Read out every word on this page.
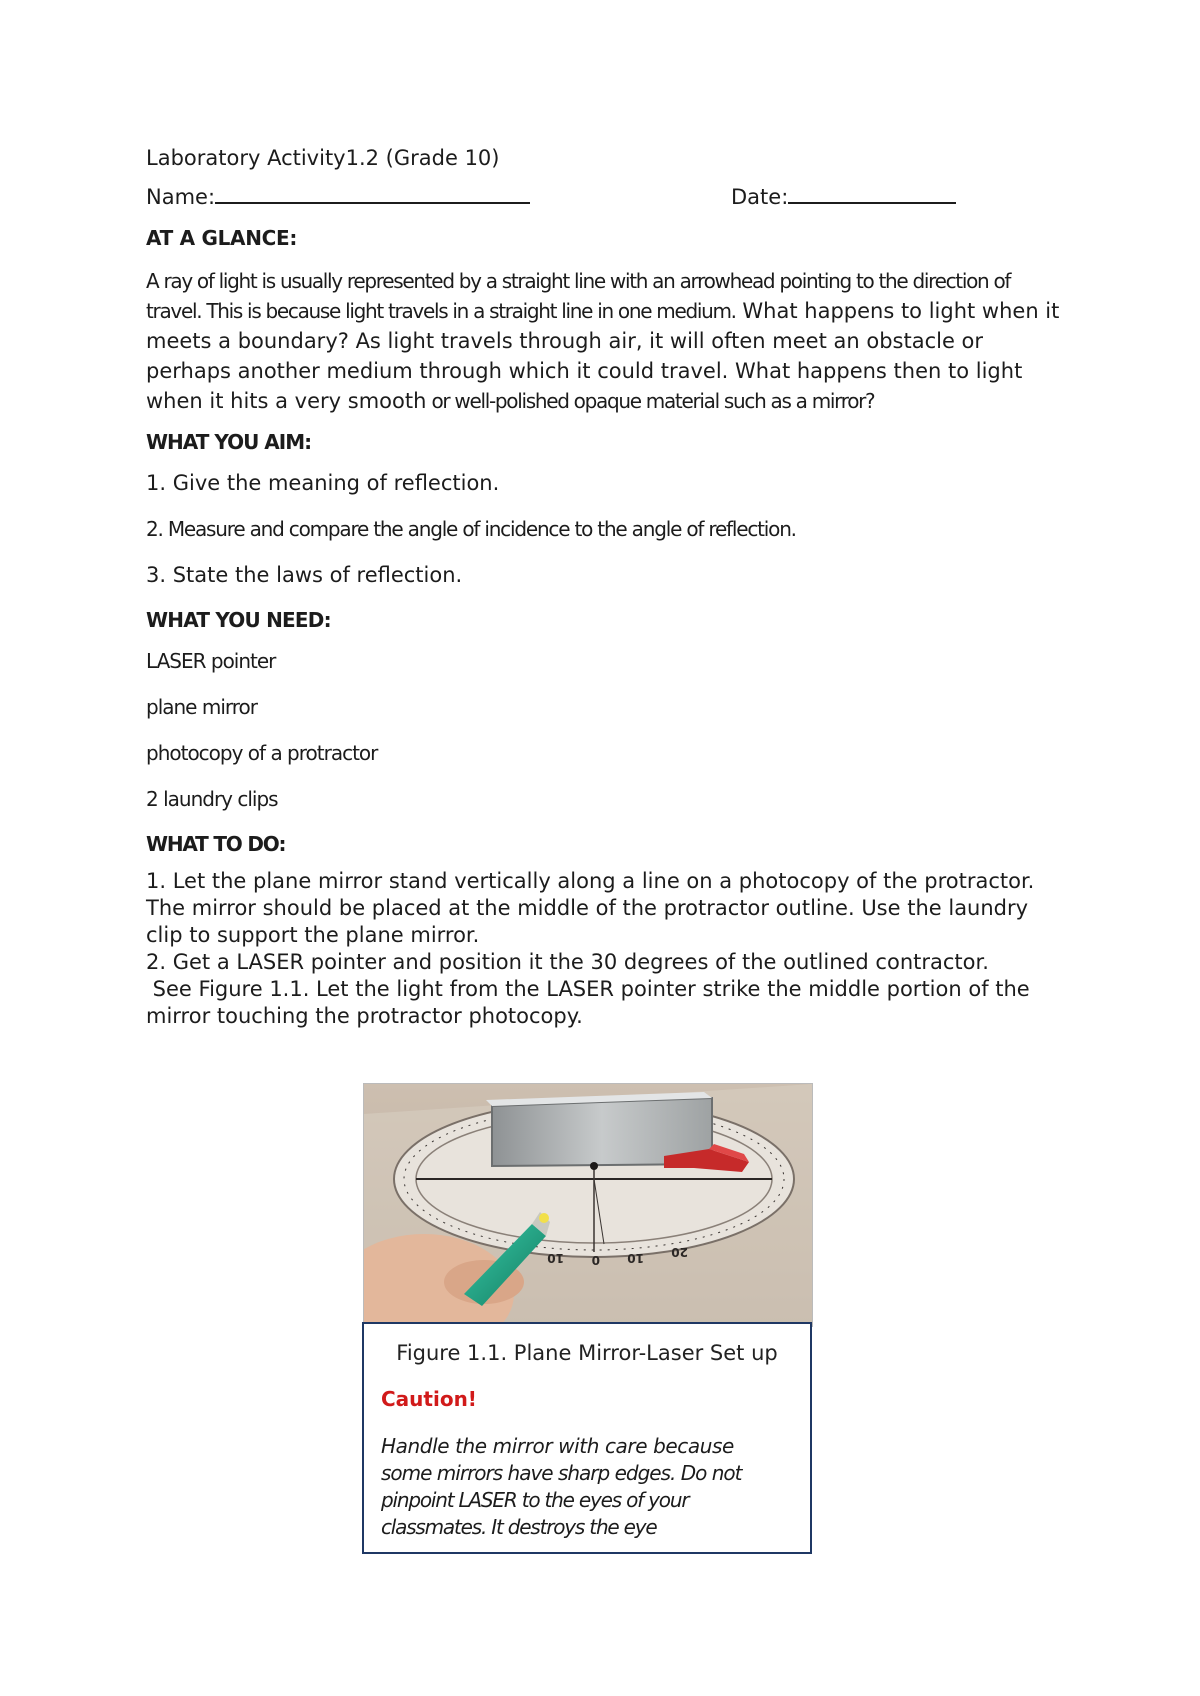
Laboratory Activity1.2 (Grade 10)

Name:	Date:

AT A GLANCE:

A ray of light is usually represented by a straight line with an arrowhead pointing to the direction of
travel. This is because light travels in a straight line in one medium. What happens to light when it
meets a boundary? As light travels through air, it will often meet an obstacle or
perhaps another medium through which it could travel. What happens then to light
when it hits a very smooth or well-polished opaque material such as a mirror?

WHAT YOU AIM:

1. Give the meaning of reflection.

2. Measure and compare the angle of incidence to the angle of reflection.

3. State the laws of reflection.

WHAT YOU NEED:

LASER pointer

plane mirror

photocopy of a protractor

2 laundry clips

WHAT TO DO:

1. Let the plane mirror stand vertically along a line on a photocopy of the protractor.

The mirror should be placed at the middle of the protractor outline. Use the laundry

clip to support the plane mirror.

2. Get a LASER pointer and position it the 30 degrees of the outlined contractor.

See Figure 1.1. Let the light from the LASER pointer strike the middle portion of the

mirror touching the protractor photocopy.

10 0 10 20
Figure 1.1. Plane Mirror-Laser Set up
Caution!
Handle the mirror with care because
some mirrors have sharp edges. Do not
pinpoint LASER to the eyes of your
classmates. It destroys the eye
